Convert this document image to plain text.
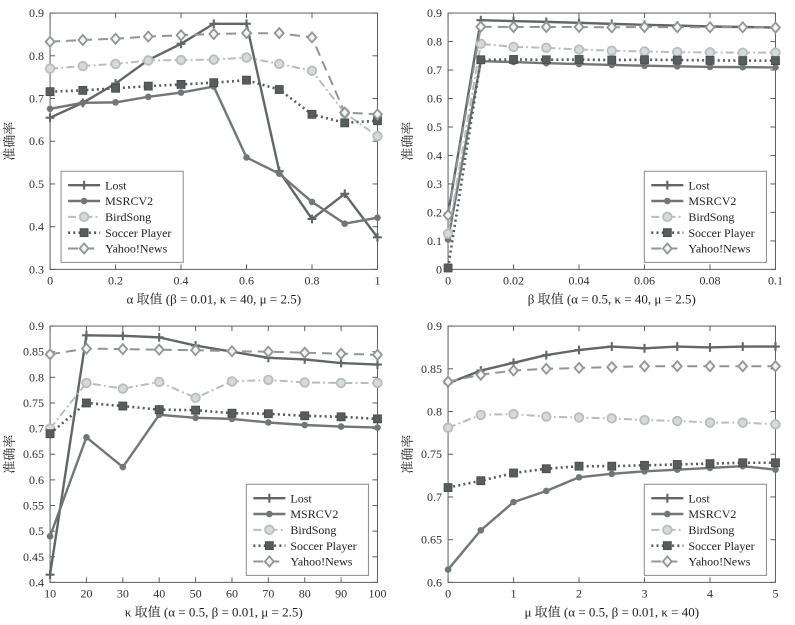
0	0.2	0.4	0.6	0.8	1
0.3
0.4
0.5
0.6
0.7
0.8
0.9
α 取值 (β = 0.01, κ = 40, μ = 2.5)
准确率
Lost
MSRCV2
BirdSong
Soccer Player
Yahoo!News
0	0.02	0.04	0.06	0.08	0.1
0
0.1
0.2
0.3
0.4
0.5
0.6
0.7
0.8
0.9
β 取值 (α = 0.5, κ = 40, μ = 2.5)
准确率
Lost
MSRCV2
BirdSong
Soccer Player
Yahoo!News
10 20 30 40 50 60 70 80 90 100
0.4
0.45
0.5
0.55
0.6
0.65
0.7
0.75
0.8
0.85
0.9
κ 取值 (α = 0.5, β = 0.01, μ = 2.5)
准确率
Lost
MSRCV2
BirdSong
Soccer Player
Yahoo!News
0	1	2	3	4	5
0.6
0.65
0.7
0.75
0.8
0.85
0.9
μ 取值 (α = 0.5, β = 0.01, κ = 40)
准确率
Lost
MSRCV2
BirdSong
Soccer Player
Yahoo!News
